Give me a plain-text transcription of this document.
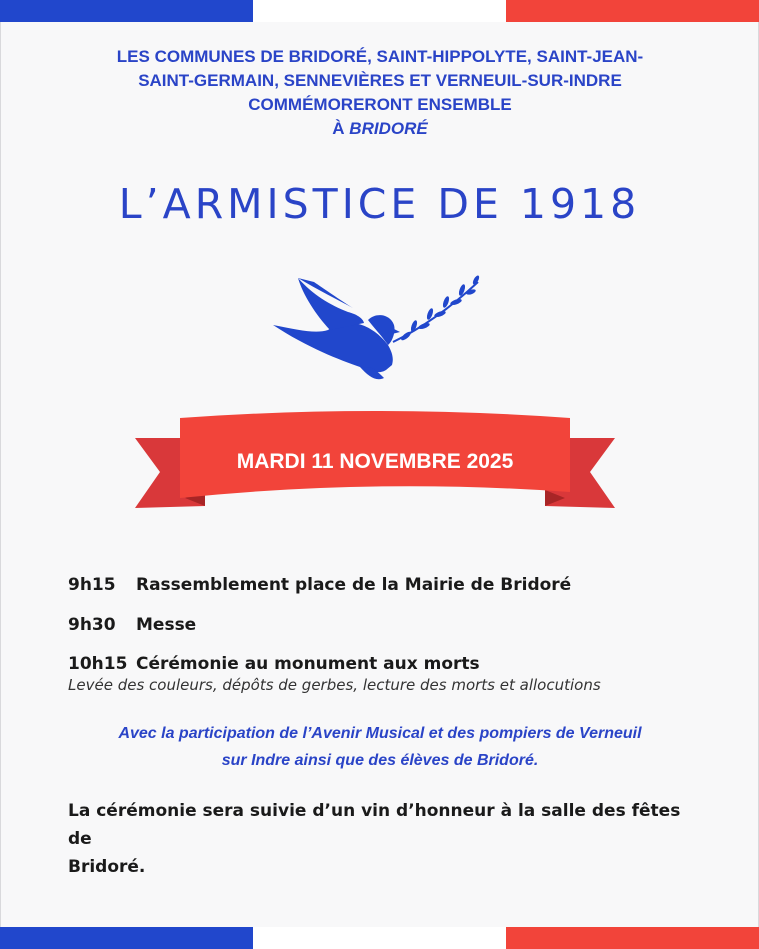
LES COMMUNES DE BRIDORÉ, SAINT-HIPPOLYTE, SAINT-JEAN-
SAINT-GERMAIN, SENNEVIÈRES ET VERNEUIL-SUR-INDRE
COMMÉMORERONT ENSEMBLE
À BRIDORÉ
L’ARMISTICE DE 1918
MARDI 11 NOVEMBRE 2025
9h15 Rassemblement place de la Mairie de Bridoré
9h30 Messe
10h15 Cérémonie au monument aux morts
Levée des couleurs, dépôts de gerbes, lecture des morts et allocutions
Avec la participation de l’Avenir Musical et des pompiers de Verneuil
sur Indre ainsi que des élèves de Bridoré.
La cérémonie sera suivie d’un vin d’honneur à la salle des fêtes de
Bridoré.
